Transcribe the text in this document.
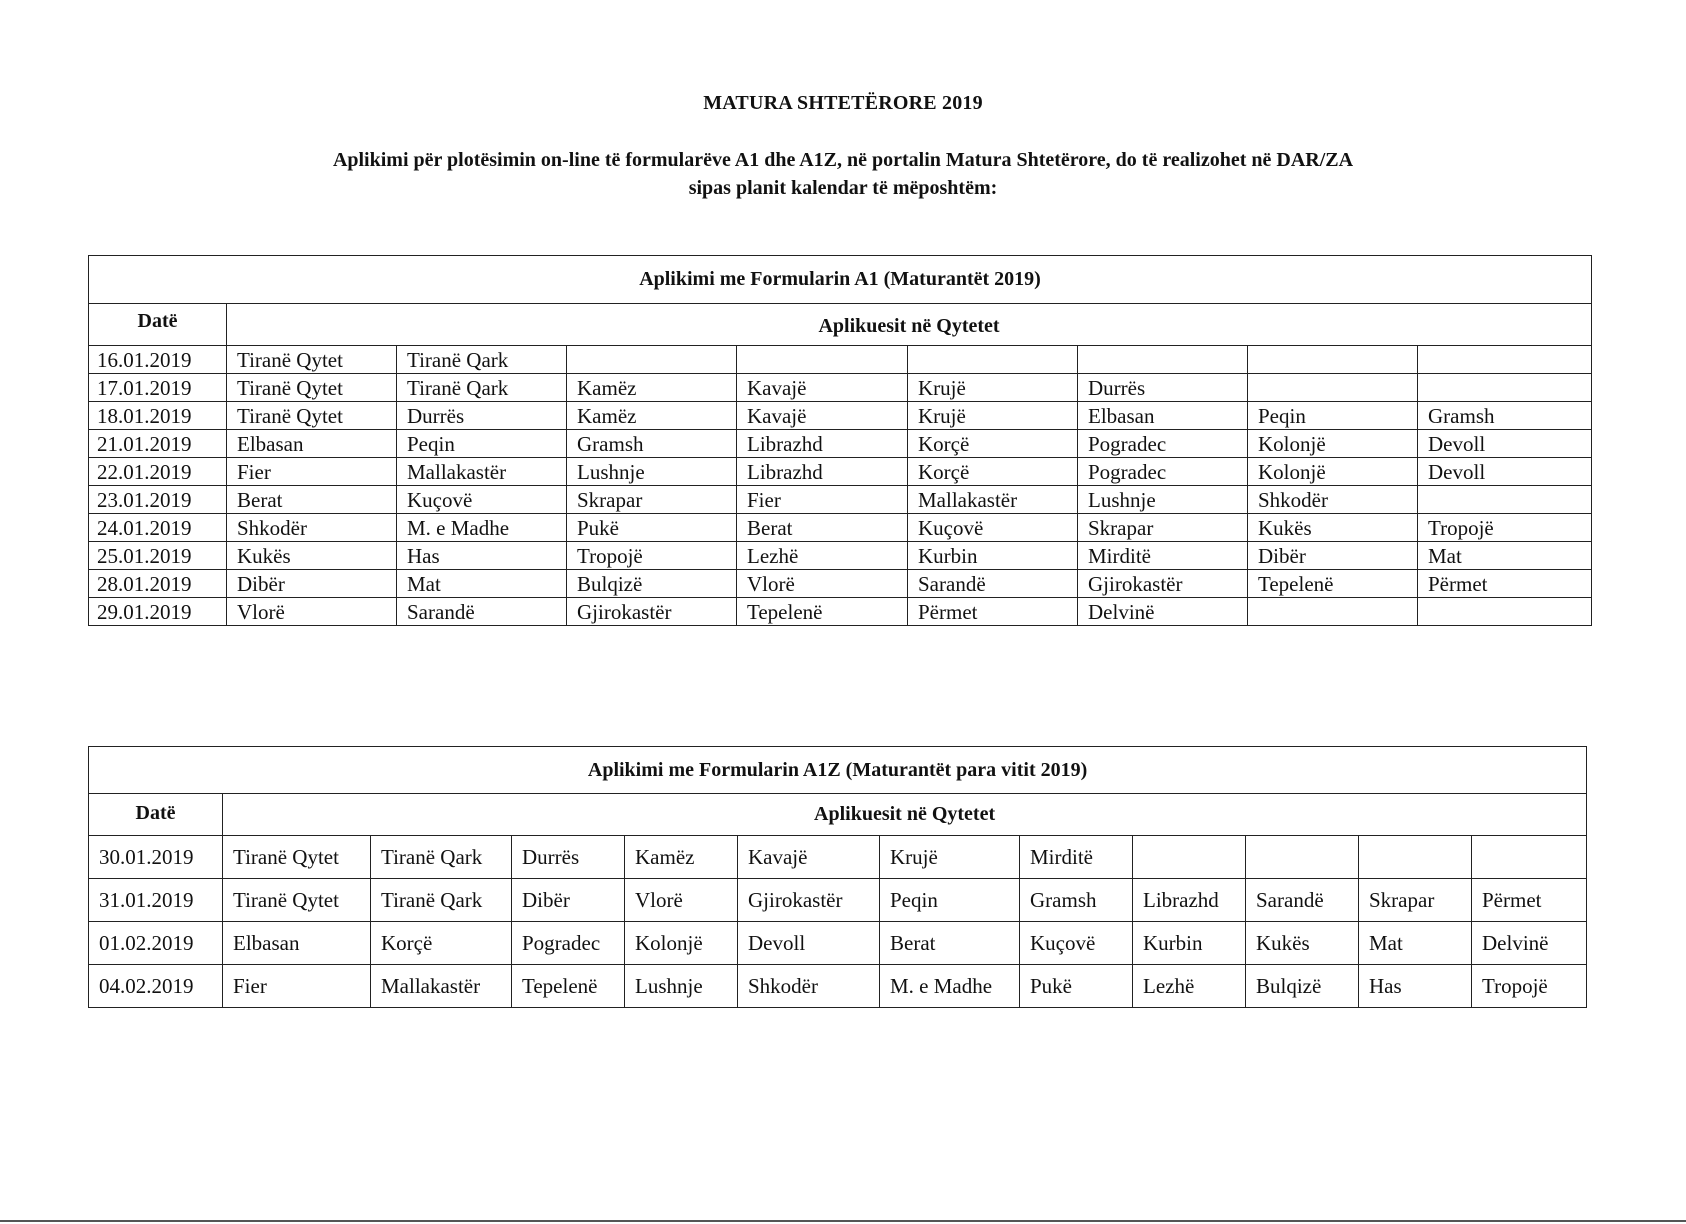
MATURA SHTETËRORE 2019
Aplikimi për plotësimin on-line të formularëve A1 dhe A1Z, në portalin Matura Shtetërore, do të realizohet në DAR/ZA
sipas planit kalendar të mëposhtëm:
Aplikimi me Formularin A1 (Maturantët 2019)								
Datë	Aplikuesit në Qytetet							
16.01.2019	Tiranë Qytet	Tiranë Qark						
17.01.2019	Tiranë Qytet	Tiranë Qark	Kamëz	Kavajë	Krujë	Durrës		
18.01.2019	Tiranë Qytet	Durrës	Kamëz	Kavajë	Krujë	Elbasan	Peqin	Gramsh
21.01.2019	Elbasan	Peqin	Gramsh	Librazhd	Korçë	Pogradec	Kolonjë	Devoll
22.01.2019	Fier	Mallakastër	Lushnje	Librazhd	Korçë	Pogradec	Kolonjë	Devoll
23.01.2019	Berat	Kuçovë	Skrapar	Fier	Mallakastër	Lushnje	Shkodër	
24.01.2019	Shkodër	M. e Madhe	Pukë	Berat	Kuçovë	Skrapar	Kukës	Tropojë
25.01.2019	Kukës	Has	Tropojë	Lezhë	Kurbin	Mirditë	Dibër	Mat
28.01.2019	Dibër	Mat	Bulqizë	Vlorë	Sarandë	Gjirokastër	Tepelenë	Përmet
29.01.2019	Vlorë	Sarandë	Gjirokastër	Tepelenë	Përmet	Delvinë		
Aplikimi me Formularin A1Z (Maturantët para vitit 2019)											
Datë	Aplikuesit në Qytetet										
30.01.2019	Tiranë Qytet	Tiranë Qark	Durrës	Kamëz	Kavajë	Krujë	Mirditë				
31.01.2019	Tiranë Qytet	Tiranë Qark	Dibër	Vlorë	Gjirokastër	Peqin	Gramsh	Librazhd	Sarandë	Skrapar	Përmet
01.02.2019	Elbasan	Korçë	Pogradec	Kolonjë	Devoll	Berat	Kuçovë	Kurbin	Kukës	Mat	Delvinë
04.02.2019	Fier	Mallakastër	Tepelenë	Lushnje	Shkodër	M. e Madhe	Pukë	Lezhë	Bulqizë	Has	Tropojë
